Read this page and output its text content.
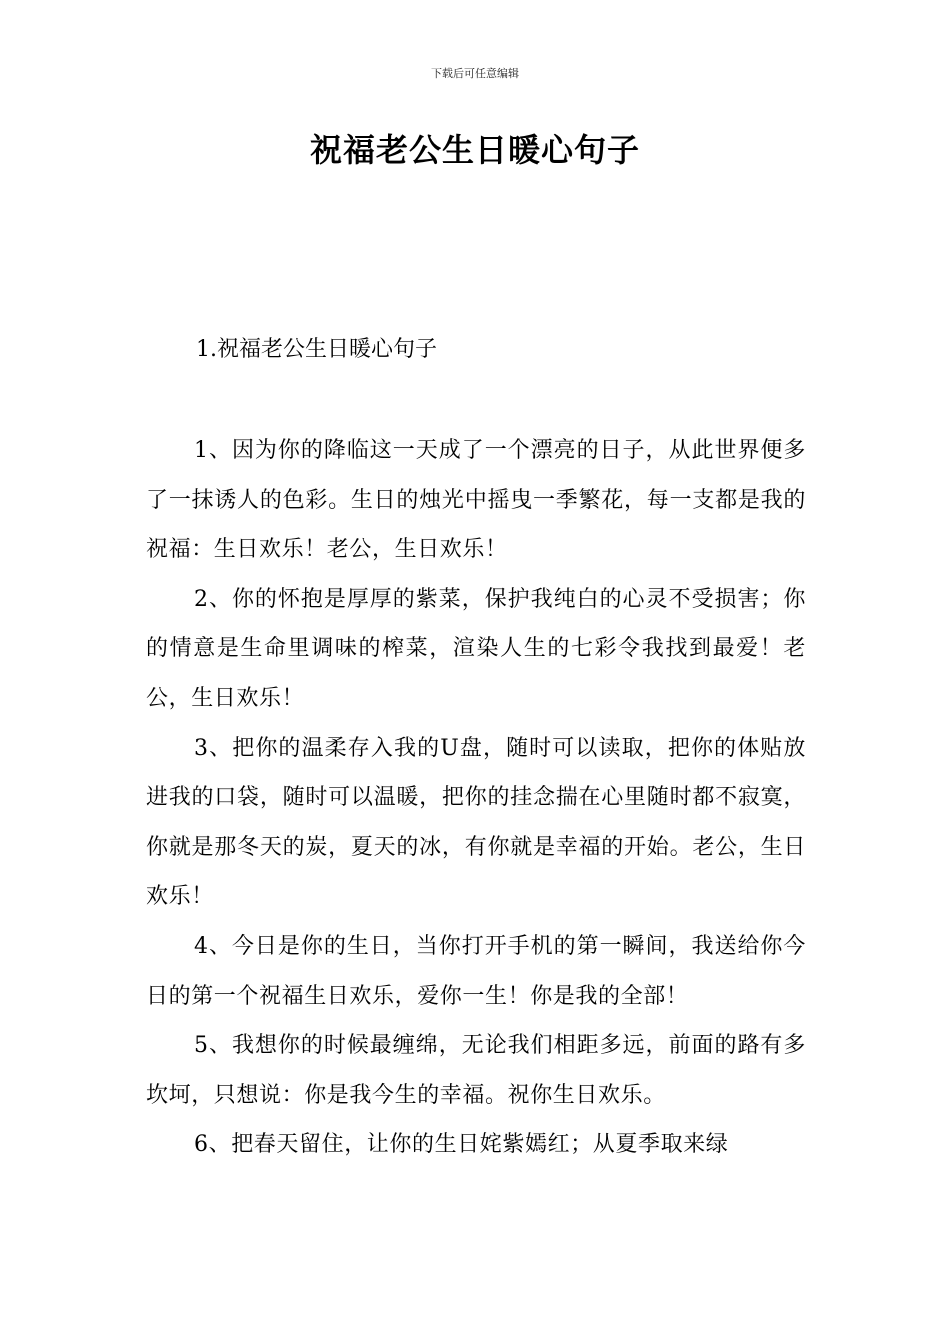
下载后可任意编辑
祝福老公生日暖心句子
1.祝福老公生日暖心句子

1、因为你的降临这一天成了一个漂亮的日子，从此世界便多了一抹诱人的色彩。生日的烛光中摇曳一季繁花，每一支都是我的祝福：生日欢乐！老公，生日欢乐！

2、你的怀抱是厚厚的紫菜，保护我纯白的心灵不受损害；你的情意是生命里调味的榨菜，渲染人生的七彩令我找到最爱！老公，生日欢乐！

3、把你的温柔存入我的U盘，随时可以读取，把你的体贴放进我的口袋，随时可以温暖，把你的挂念揣在心里随时都不寂寞，你就是那冬天的炭，夏天的冰，有你就是幸福的开始。老公，生日欢乐！

4、今日是你的生日，当你打开手机的第一瞬间，我送给你今日的第一个祝福生日欢乐，爱你一生！你是我的全部！

5、我想你的时候最缠绵，无论我们相距多远，前面的路有多坎坷，只想说：你是我今生的幸福。祝你生日欢乐。

6、把春天留住，让你的生日姹紫嫣红；从夏季取来绿
